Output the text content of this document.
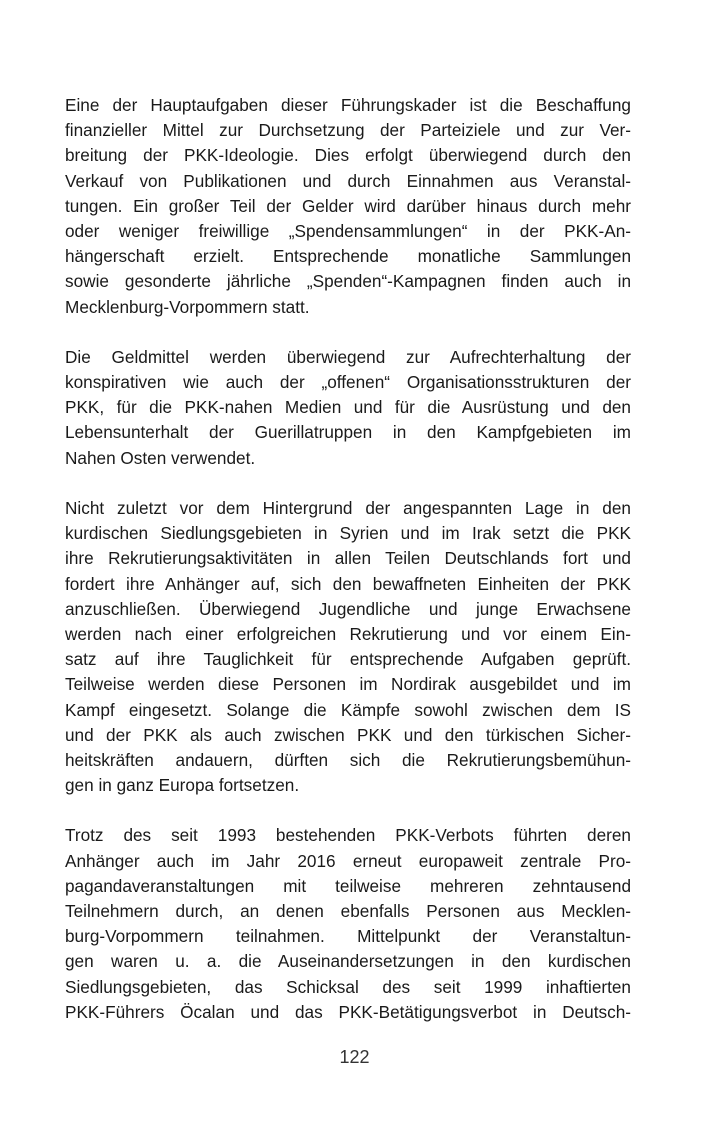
Eine der Hauptaufgaben dieser Führungskader ist die Beschaffung
finanzieller Mittel zur Durchsetzung der Parteiziele und zur Ver-
breitung der PKK-Ideologie. Dies erfolgt überwiegend durch den
Verkauf von Publikationen und durch Einnahmen aus Veranstal-
tungen. Ein großer Teil der Gelder wird darüber hinaus durch mehr
oder weniger freiwillige „Spendensammlungen“ in der PKK-An-
hängerschaft erzielt. Entsprechende monatliche Sammlungen
sowie gesonderte jährliche „Spenden“-Kampagnen finden auch in
Mecklenburg-Vorpommern statt.
Die Geldmittel werden überwiegend zur Aufrechterhaltung der
konspirativen wie auch der „offenen“ Organisationsstrukturen der
PKK, für die PKK-nahen Medien und für die Ausrüstung und den
Lebensunterhalt der Guerillatruppen in den Kampfgebieten im
Nahen Osten verwendet.
Nicht zuletzt vor dem Hintergrund der angespannten Lage in den
kurdischen Siedlungsgebieten in Syrien und im Irak setzt die PKK
ihre Rekrutierungsaktivitäten in allen Teilen Deutschlands fort und
fordert ihre Anhänger auf, sich den bewaffneten Einheiten der PKK
anzuschließen. Überwiegend Jugendliche und junge Erwachsene
werden nach einer erfolgreichen Rekrutierung und vor einem Ein-
satz auf ihre Tauglichkeit für entsprechende Aufgaben geprüft.
Teilweise werden diese Personen im Nordirak ausgebildet und im
Kampf eingesetzt. Solange die Kämpfe sowohl zwischen dem IS
und der PKK als auch zwischen PKK und den türkischen Sicher-
heitskräften andauern, dürften sich die Rekrutierungsbemühun-
gen in ganz Europa fortsetzen.
Trotz des seit 1993 bestehenden PKK-Verbots führten deren
Anhänger auch im Jahr 2016 erneut europaweit zentrale Pro-
pagandaveranstaltungen mit teilweise mehreren zehntausend
Teilnehmern durch, an denen ebenfalls Personen aus Mecklen-
burg-Vorpommern teilnahmen. Mittelpunkt der Veranstaltun-
gen waren u. a. die Auseinandersetzungen in den kurdischen
Siedlungsgebieten, das Schicksal des seit 1999 inhaftierten
PKK-Führers Öcalan und das PKK-Betätigungsverbot in Deutsch-
122
